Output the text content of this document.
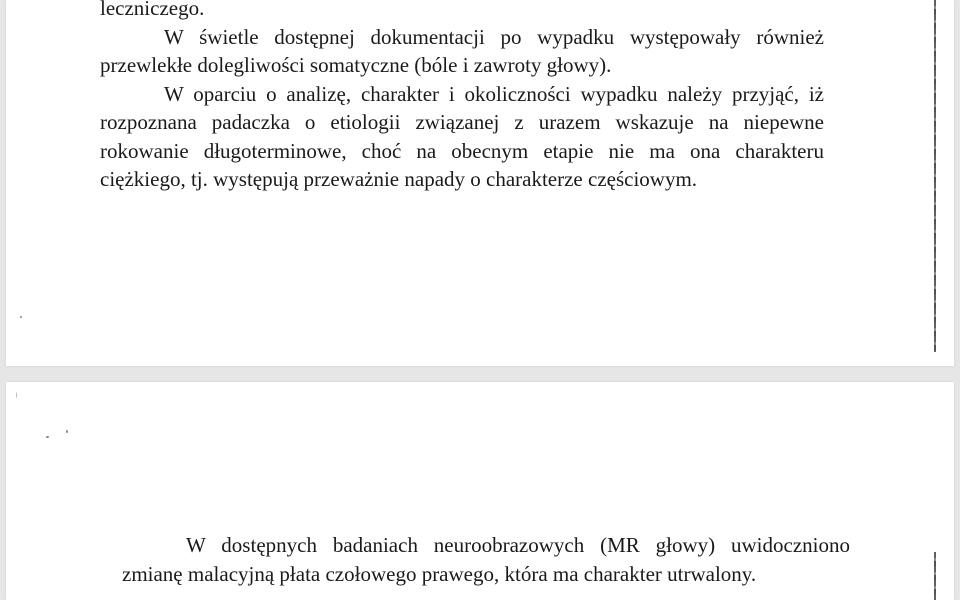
leczniczego.

W świetle dostępnej dokumentacji po wypadku występowały również przewlekłe dolegliwości somatyczne (bóle i zawroty głowy).

W oparciu o analizę, charakter i okoliczności wypadku należy przyjąć, iż rozpoznana padaczka o etiologii związanej z urazem wskazuje na niepewne rokowanie długoterminowe, choć na obecnym etapie nie ma ona charakteru ciężkiego, tj. występują przeważnie napady o charakterze częściowym.

W dostępnych badaniach neuroobrazowych (MR głowy) uwidoczniono zmianę malacyjną płata czołowego prawego, która ma charakter utrwalony.
